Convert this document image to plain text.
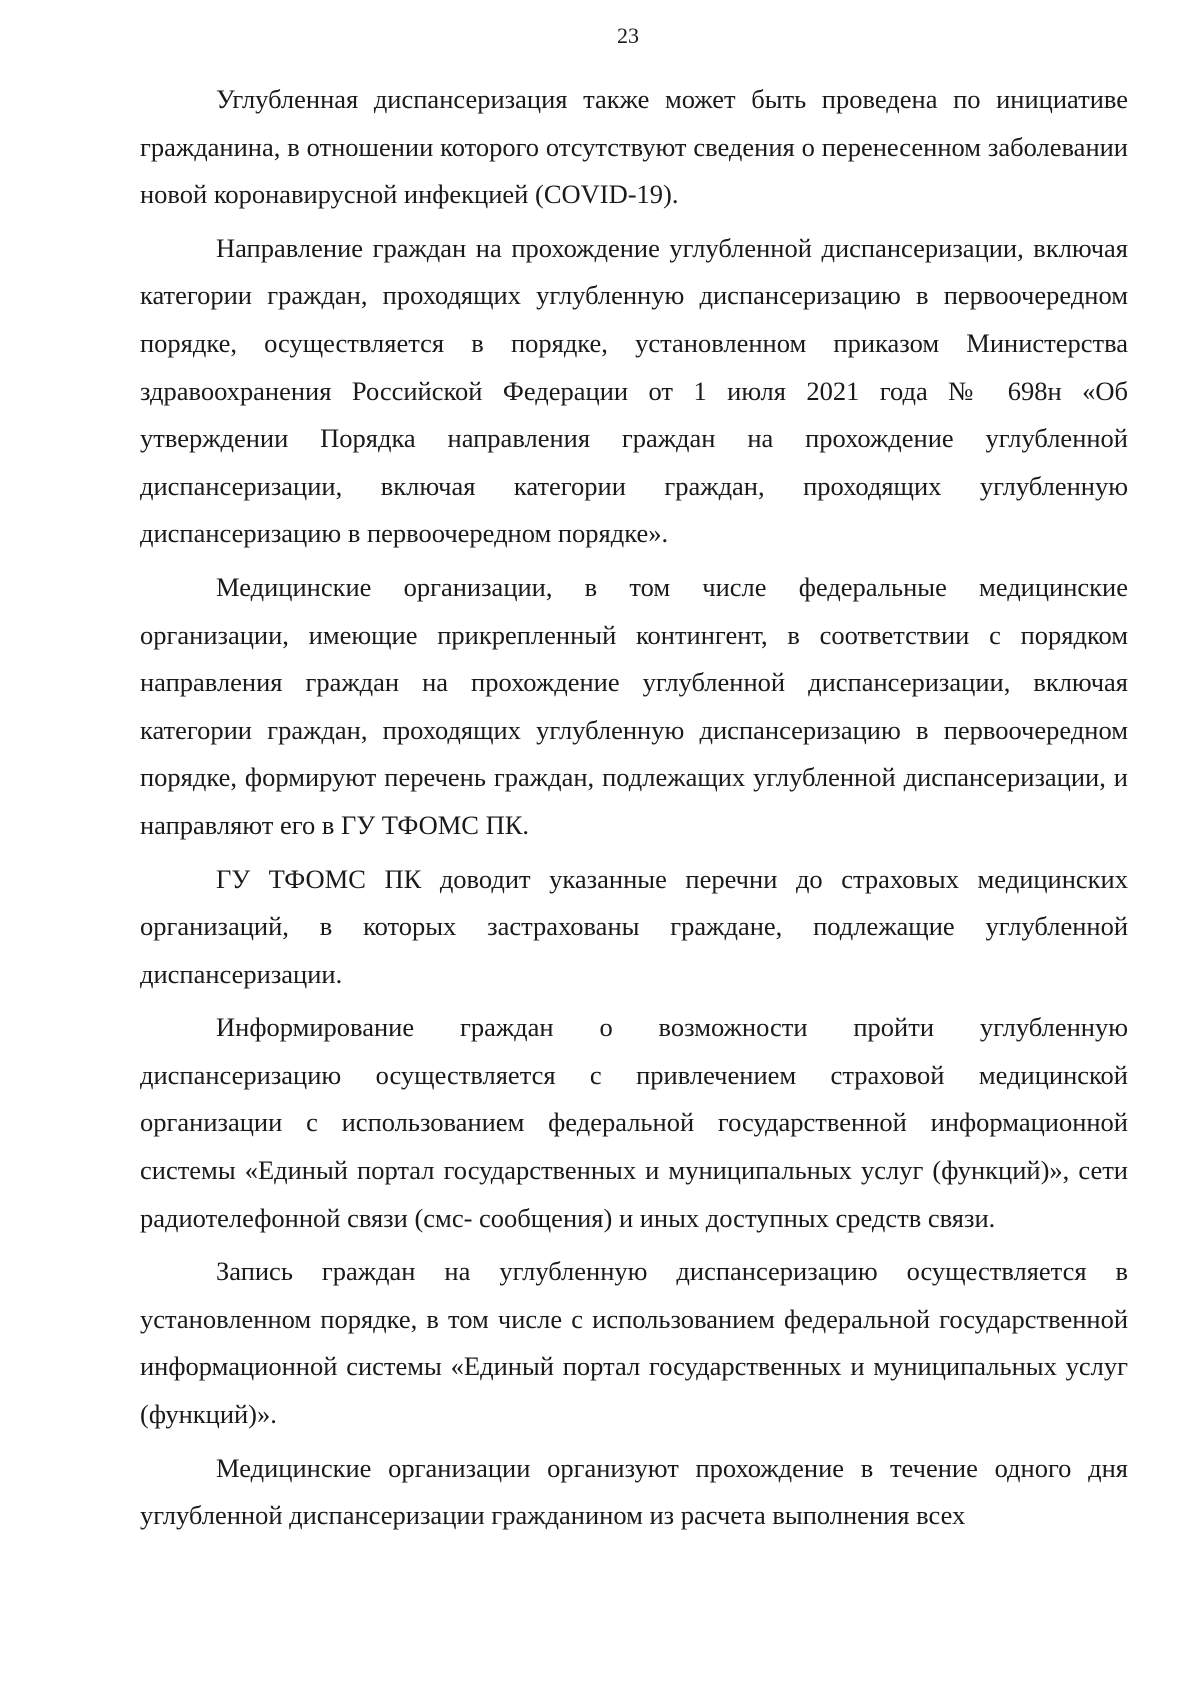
23

Углубленная диспансеризация также может быть проведена по инициативе гражданина, в отношении которого отсутствуют сведения о перенесенном заболевании новой коронавирусной инфекцией (COVID-19).

Направление граждан на прохождение углубленной диспансеризации, включая категории граждан, проходящих углубленную диспансеризацию в первоочередном порядке, осуществляется в порядке, установленном приказом Министерства здравоохранения Российской Федерации от 1 июля 2021 года № 698н «Об утверждении Порядка направления граждан на прохождение углубленной диспансеризации, включая категории граждан, проходящих углубленную диспансеризацию в первоочередном порядке».

Медицинские организации, в том числе федеральные медицинские организации, имеющие прикрепленный контингент, в соответствии с порядком направления граждан на прохождение углубленной диспансеризации, включая категории граждан, проходящих углубленную диспансеризацию в первоочередном порядке, формируют перечень граждан, подлежащих углубленной диспансеризации, и направляют его в ГУ ТФОМС ПК.

ГУ ТФОМС ПК доводит указанные перечни до страховых медицинских организаций, в которых застрахованы граждане, подлежащие углубленной диспансеризации.

Информирование граждан о возможности пройти углубленную диспансеризацию осуществляется с привлечением страховой медицинской организации с использованием федеральной государственной информационной системы «Единый портал государственных и муниципальных услуг (функций)», сети радиотелефонной связи (смс- сообщения) и иных доступных средств связи.

Запись граждан на углубленную диспансеризацию осуществляется в установленном порядке, в том числе с использованием федеральной государственной информационной системы «Единый портал государственных и муниципальных услуг (функций)».

Медицинские организации организуют прохождение в течение одного дня углубленной диспансеризации гражданином из расчета выполнения всех
